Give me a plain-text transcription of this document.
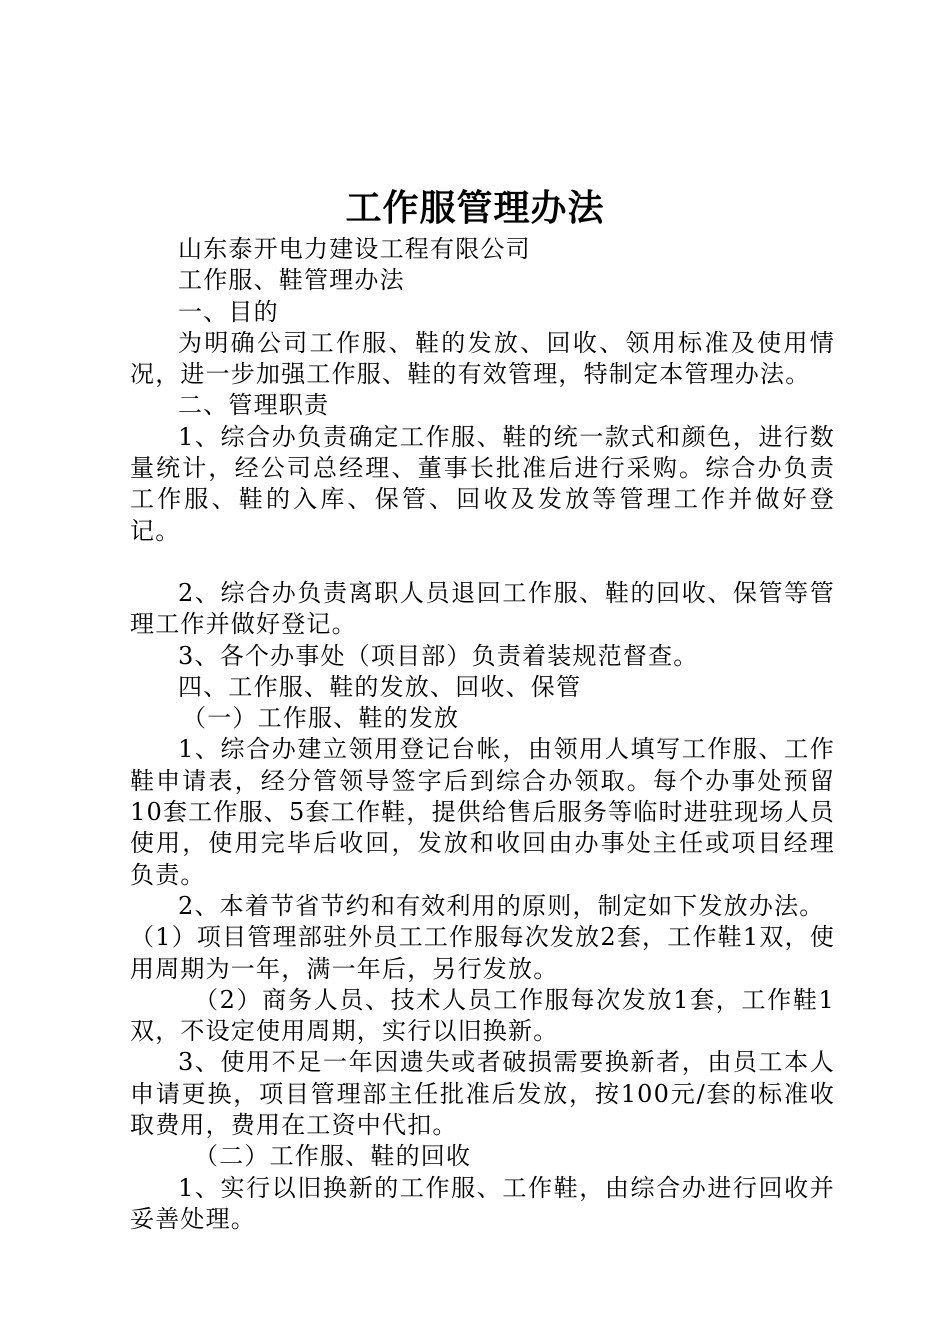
工作服管理办法

山东泰开电力建设工程有限公司

工作服、鞋管理办法

一、目的

为明确公司工作服、鞋的发放、回收、领用标准及使用情况，进一步加强工作服、鞋的有效管理，特制定本管理办法。

二、管理职责

1、综合办负责确定工作服、鞋的统一款式和颜色，进行数量统计，经公司总经理、董事长批准后进行采购。综合办负责工作服、鞋的入库、保管、回收及发放等管理工作并做好登记。

2、综合办负责离职人员退回工作服、鞋的回收、保管等管理工作并做好登记。

3、各个办事处（项目部）负责着装规范督查。

四、工作服、鞋的发放、回收、保管

（一）工作服、鞋的发放

1、综合办建立领用登记台帐，由领用人填写工作服、工作鞋申请表，经分管领导签字后到综合办领取。每个办事处预留10套工作服、5套工作鞋，提供给售后服务等临时进驻现场人员使用，使用完毕后收回，发放和收回由办事处主任或项目经理负责。

2、本着节省节约和有效利用的原则，制定如下发放办法。

（1）项目管理部驻外员工工作服每次发放2套，工作鞋1双，使用周期为一年，满一年后，另行发放。

（2）商务人员、技术人员工作服每次发放1套，工作鞋1双，不设定使用周期，实行以旧换新。

3、使用不足一年因遗失或者破损需要换新者，由员工本人申请更换，项目管理部主任批准后发放，按100元/套的标准收取费用，费用在工资中代扣。

（二）工作服、鞋的回收

1、实行以旧换新的工作服、工作鞋，由综合办进行回收并妥善处理。
